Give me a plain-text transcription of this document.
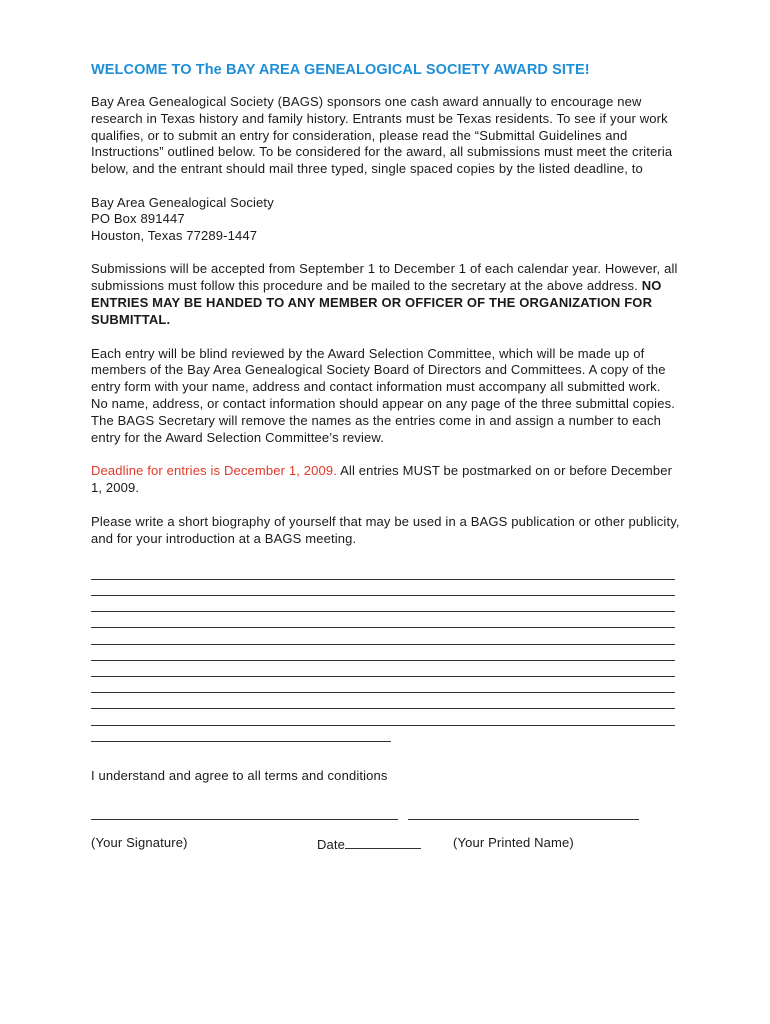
WELCOME TO The BAY AREA GENEALOGICAL SOCIETY AWARD SITE!

Bay Area Genealogical Society (BAGS) sponsors one cash award annually to encourage new research in Texas history and family history. Entrants must be Texas residents. To see if your work qualifies, or to submit an entry for consideration, please read the “Submittal Guidelines and Instructions” outlined below. To be considered for the award, all submissions must meet the criteria below, and the entrant should mail three typed, single spaced copies by the listed deadline, to

Bay Area Genealogical Society
PO Box 891447
Houston, Texas 77289-1447

Submissions will be accepted from September 1 to December 1 of each calendar year. However, all submissions must follow this procedure and be mailed to the secretary at the above address. NO ENTRIES MAY BE HANDED TO ANY MEMBER OR OFFICER OF THE ORGANIZATION FOR SUBMITTAL.

Each entry will be blind reviewed by the Award Selection Committee, which will be made up of members of the Bay Area Genealogical Society Board of Directors and Committees. A copy of the entry form with your name, address and contact information must accompany all submitted work. No name, address, or contact information should appear on any page of the three submittal copies. The BAGS Secretary will remove the names as the entries come in and assign a number to each entry for the Award Selection Committee’s review.

Deadline for entries is December 1, 2009. All entries MUST be postmarked on or before December 1, 2009.

Please write a short biography of yourself that may be used in a BAGS publication or other publicity, and for your introduction at a BAGS meeting.

I understand and agree to all terms and conditions
(Your Signature)	Date	(Your Printed Name)
